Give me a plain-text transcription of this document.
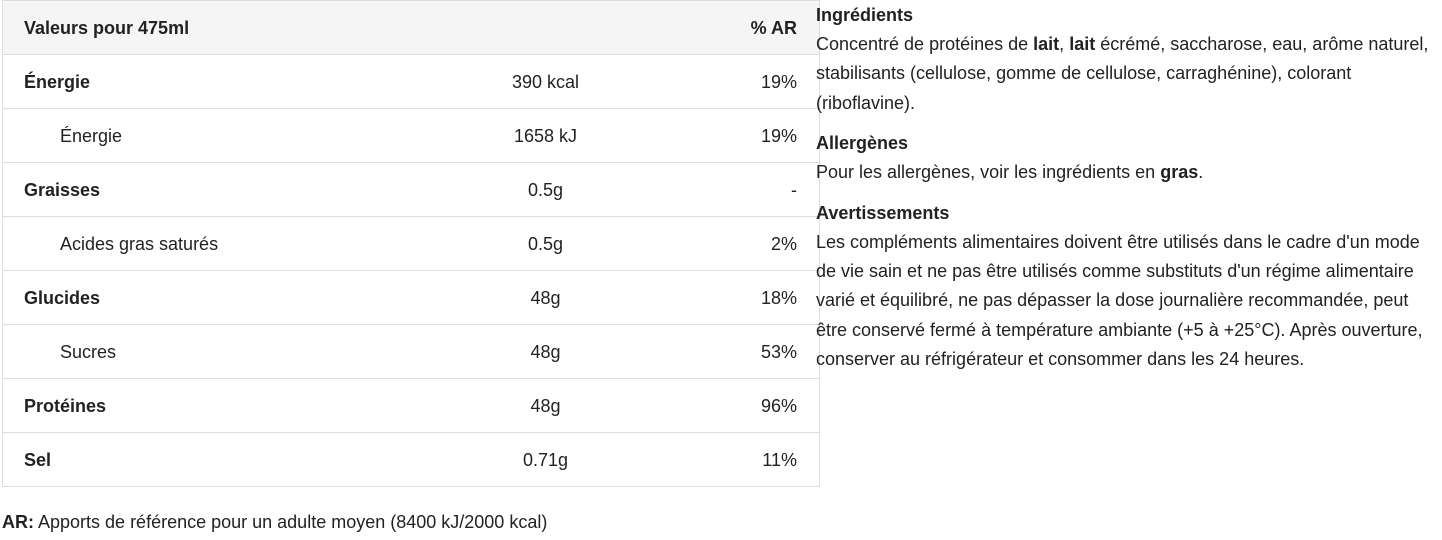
Valeurs pour 475ml		% AR
Énergie	390 kcal	19%
Énergie	1658 kJ	19%
Graisses	0.5g	-
Acides gras saturés	0.5g	2%
Glucides	48g	18%
Sucres	48g	53%
Protéines	48g	96%
Sel	0.71g	11%
AR: Apports de référence pour un adulte moyen (8400 kJ/2000 kcal)
Ingrédients

Concentré de protéines de lait, lait écrémé, saccharose, eau, arôme naturel, stabilisants (cellulose, gomme de cellulose, carraghénine), colorant (riboflavine).

Allergènes

Pour les allergènes, voir les ingrédients en gras.

Avertissements

Les compléments alimentaires doivent être utilisés dans le cadre d'un mode de vie sain et ne pas être utilisés comme substituts d'un régime alimentaire varié et équilibré, ne pas dépasser la dose journalière recommandée, peut être conservé fermé à température ambiante (+5 à +25°C). Après ouverture, conserver au réfrigérateur et consommer dans les 24 heures.
